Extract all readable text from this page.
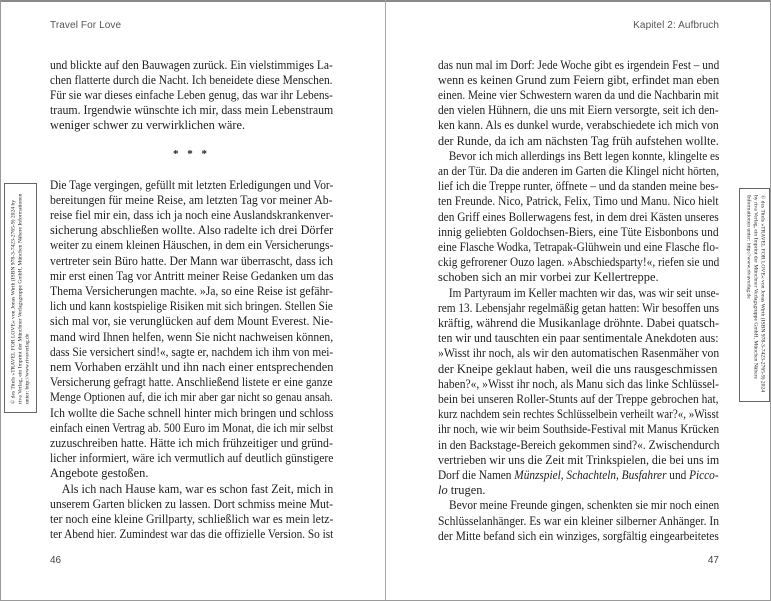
Travel For Love
und blickte auf den Bauwagen zurück. Ein vielstimmiges La-
chen flatterte durch die Nacht. Ich beneidete diese Menschen.
Für sie war dieses einfache Leben genug, das war ihr Lebens-
traum. Irgendwie wünschte ich mir, dass mein Lebenstraum
weniger schwer zu verwirklichen wäre.
* * *
Die Tage vergingen, gefüllt mit letzten Erledigungen und Vor-
bereitungen für meine Reise, am letzten Tag vor meiner Ab-
reise fiel mir ein, dass ich ja noch eine Auslandskrankenver-
sicherung abschließen wollte. Also radelte ich drei Dörfer
weiter zu einem kleinen Häuschen, in dem ein Versicherungs-
vertreter sein Büro hatte. Der Mann war überrascht, dass ich
mir erst einen Tag vor Antritt meiner Reise Gedanken um das
Thema Versicherungen machte. »Ja, so eine Reise ist gefähr-
lich und kann kostspielige Risiken mit sich bringen. Stellen Sie
sich mal vor, sie verunglücken auf dem Mount Everest. Nie-
mand wird Ihnen helfen, wenn Sie nicht nachweisen können,
dass Sie versichert sind!«, sagte er, nachdem ich ihm von mei-
nem Vorhaben erzählt und ihn nach einer entsprechenden
Versicherung gefragt hatte. Anschließend listete er eine ganze
Menge Optionen auf, die ich mir aber gar nicht so genau ansah.
Ich wollte die Sache schnell hinter mich bringen und schloss
einfach einen Vertrag ab. 500 Euro im Monat, die ich mir selbst
zuzuschreiben hatte. Hätte ich mich frühzeitiger und gründ-
licher informiert, wäre ich vermutlich auf deutlich günstigere
Angebote gestoßen.
Als ich nach Hause kam, war es schon fast Zeit, mich in
unserem Garten blicken zu lassen. Dort schmiss meine Mut-
ter noch eine kleine Grillparty, schließlich war es mein letz-
ter Abend hier. Zumindest war das die offizielle Version. So ist
46
© des Titels »TRAVEL FOR LOVE« von Jonas Wirth (ISBN 978-3-7423-2765-9) 2024 by riva Verlag, ein Imprint der Münchner Verlagsgruppe GmbH, München Nähere Informationen unter: http://www.rivaverlag.de
Kapitel 2: Aufbruch
das nun mal im Dorf: Jede Woche gibt es irgendein Fest – und
wenn es keinen Grund zum Feiern gibt, erfindet man eben
einen. Meine vier Schwestern waren da und die Nachbarin mit
den vielen Hühnern, die uns mit Eiern versorgte, seit ich den-
ken kann. Als es dunkel wurde, verabschiedete ich mich von
der Runde, da ich am nächsten Tag früh aufstehen wollte.
Bevor ich mich allerdings ins Bett legen konnte, klingelte es
an der Tür. Da die anderen im Garten die Klingel nicht hörten,
lief ich die Treppe runter, öffnete – und da standen meine bes-
ten Freunde. Nico, Patrick, Felix, Timo und Manu. Nico hielt
den Griff eines Bollerwagens fest, in dem drei Kästen unseres
innig geliebten Goldochsen-Biers, eine Tüte Eisbonbons und
eine Flasche Wodka, Tetrapak-Glühwein und eine Flasche flo-
ckig gefrorener Ouzo lagen. »Abschiedsparty!«, riefen sie und
schoben sich an mir vorbei zur Kellertreppe.
Im Partyraum im Keller machten wir das, was wir seit unse-
rem 13. Lebensjahr regelmäßig getan hatten: Wir besoffen uns
kräftig, während die Musikanlage dröhnte. Dabei quatsch-
ten wir und tauschten ein paar sentimentale Anekdoten aus:
»Wisst ihr noch, als wir den automatischen Rasenmäher von
der Kneipe geklaut haben, weil die uns rausgeschmissen
haben?«, »Wisst ihr noch, als Manu sich das linke Schlüssel-
bein bei unseren Roller-Stunts auf der Treppe gebrochen hat,
kurz nachdem sein rechtes Schlüsselbein verheilt war?«, »Wisst
ihr noch, wie wir beim Southside-Festival mit Manus Krücken
in den Backstage-Bereich gekommen sind?«. Zwischendurch
vertrieben wir uns die Zeit mit Trinkspielen, die bei uns im
Dorf die Namen Münzspiel, Schachteln, Busfahrer und Picco-
lo trugen.
Bevor meine Freunde gingen, schenkten sie mir noch einen
Schlüsselanhänger. Es war ein kleiner silberner Anhänger. In
der Mitte befand sich ein winziges, sorgfältig eingearbeitetes
47
© des Titels »TRAVEL FOR LOVE« von Jonas Wirth (ISBN 978-3-7423-2765-9) 2024 by riva Verlag, ein Imprint der Münchner Verlagsgruppe GmbH, München Nähere Informationen unter: http://www.rivaverlag.de
